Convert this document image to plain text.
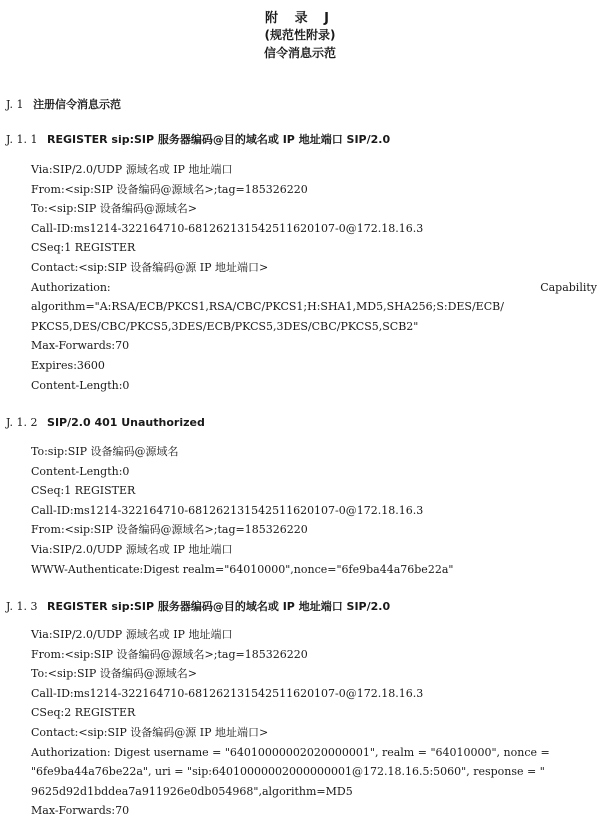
附 录 J
(规范性附录)
信令消息示范
J. 1 注册信令消息示范
J. 1. 1 REGISTER sip:SIP 服务器编码@目的域名或 IP 地址端口 SIP/2.0
Via:SIP/2.0/UDP 源域名或 IP 地址端口
From:<sip:SIP 设备编码@源域名>;tag=185326220
To:<sip:SIP 设备编码@源域名>
Call-ID:ms1214-322164710-681262131542511620107-0@172.18.16.3
CSeq:1 REGISTER
Contact:<sip:SIP 设备编码@源 IP 地址端口>
Authorization:	Capability
algorithm="A:RSA/ECB/PKCS1,RSA/CBC/PKCS1;H:SHA1,MD5,SHA256;S:DES/ECB/
PKCS5,DES/CBC/PKCS5,3DES/ECB/PKCS5,3DES/CBC/PKCS5,SCB2"
Max-Forwards:70
Expires:3600
Content-Length:0
J. 1. 2 SIP/2.0 401 Unauthorized
To:sip:SIP 设备编码@源域名
Content-Length:0
CSeq:1 REGISTER
Call-ID:ms1214-322164710-681262131542511620107-0@172.18.16.3
From:<sip:SIP 设备编码@源域名>;tag=185326220
Via:SIP/2.0/UDP 源域名或 IP 地址端口
WWW-Authenticate:Digest realm="64010000",nonce="6fe9ba44a76be22a"
J. 1. 3 REGISTER sip:SIP 服务器编码@目的域名或 IP 地址端口 SIP/2.0
Via:SIP/2.0/UDP 源域名或 IP 地址端口
From:<sip:SIP 设备编码@源域名>;tag=185326220
To:<sip:SIP 设备编码@源域名>
Call-ID:ms1214-322164710-681262131542511620107-0@172.18.16.3
CSeq:2 REGISTER
Contact:<sip:SIP 设备编码@源 IP 地址端口>
Authorization: Digest username = "64010000002020000001", realm = "64010000", nonce =
"6fe9ba44a76be22a", uri = "sip:64010000002000000001@172.18.16.5:5060", response = "
9625d92d1bddea7a911926e0db054968",algorithm=MD5
Max-Forwards:70
